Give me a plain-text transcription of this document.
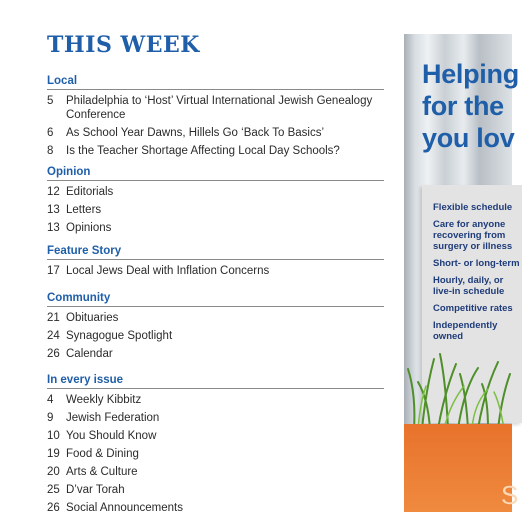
THIS WEEK
Local
5	Philadelphia to ‘Host’ Virtual International Jewish Genealogy Conference
6	As School Year Dawns, Hillels Go ‘Back To Basics’
8	Is the Teacher Shortage Affecting Local Day Schools?
Opinion
12 Editorials
13 Letters
13 Opinions
Feature Story
17 Local Jews Deal with Inflation Concerns
Community
21 Obituaries
24 Synagogue Spotlight
26 Calendar
In every issue
4	Weekly Kibbitz
9	Jewish Federation
10 You Should Know
19 Food & Dining
20 Arts & Culture
25 D’var Torah
26 Social Announcements
Helping
for the
you lov

Flexible schedule

Care for anyone
recovering from
surgery or illness

Short- or long-term

Hourly, daily, or
live-in schedule

Competitive rates

Independently
owned

S
